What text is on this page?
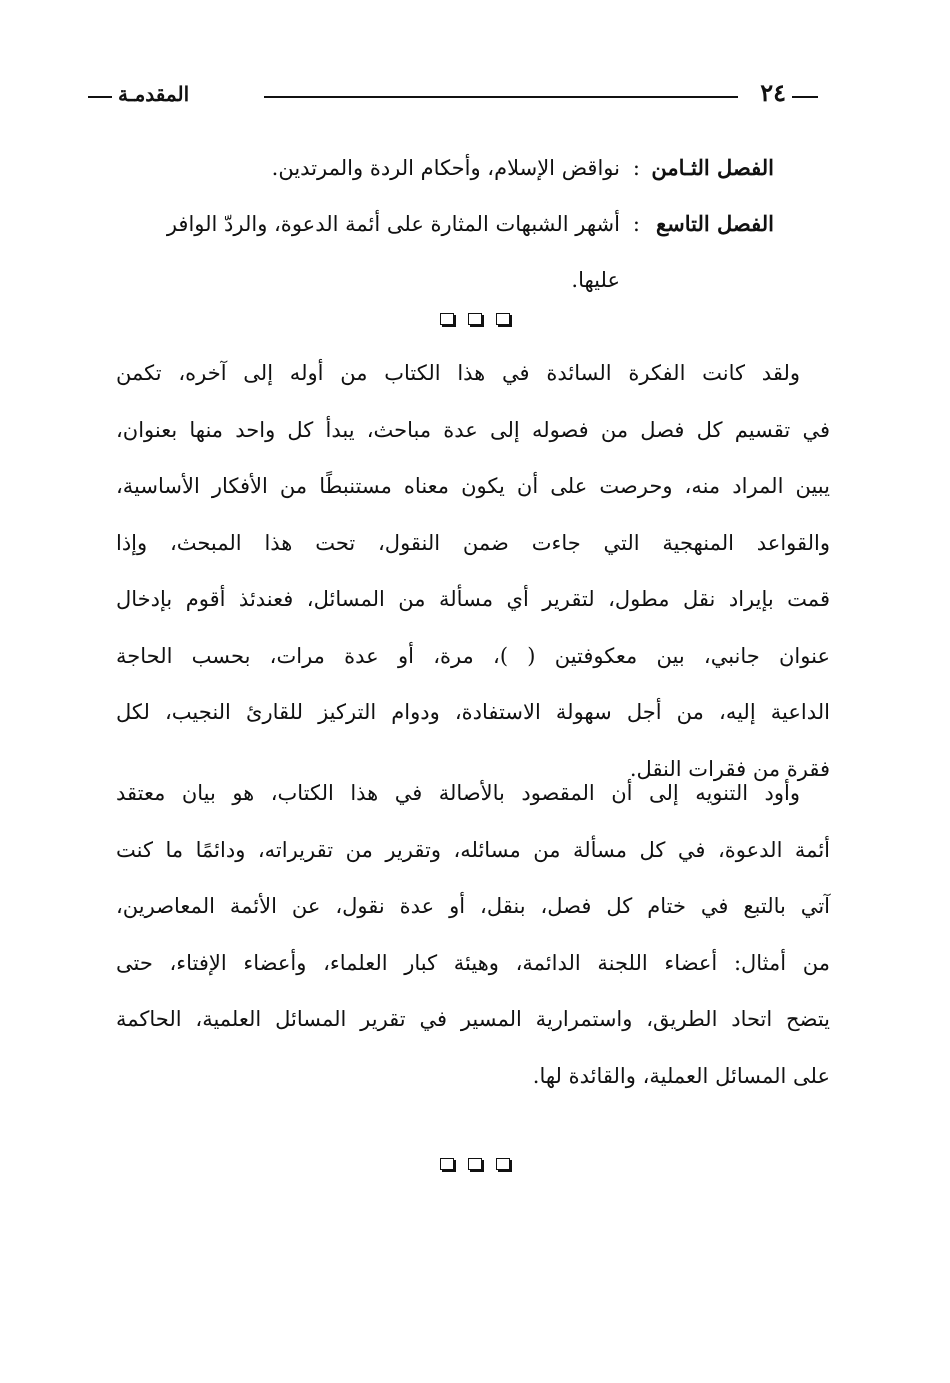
٢٤
المقدمـة
الفصل الثـامن
:
نواقض الإسلام، وأحكام الردة والمرتدين.
الفصل التاسع
:
أشهر الشبهات المثارة على أئمة الدعوة، والردّ الوافر
عليها.
ولقد كانت الفكرة السائدة في هذا الكتاب من أوله إلى آخره، تكمن
في تقسيم كل فصل من فصوله إلى عدة مباحث، يبدأ كل واحد منها بعنوان،
يبين المراد منه، وحرصت على أن يكون معناه مستنبطًا من الأفكار الأساسية،
والقواعد المنهجية التي جاءت ضمن النقول، تحت هذا المبحث، وإذا
قمت بإيراد نقل مطول، لتقرير أي مسألة من المسائل، فعندئذ أقوم بإدخال
عنوان جانبي، بين معكوفتين ( )، مرة، أو عدة مرات، بحسب الحاجة
الداعية إليه، من أجل سهولة الاستفادة، ودوام التركيز للقارئ النجيب، لكل
فقرة من فقرات النقل.
وأود التنويه إلى أن المقصود بالأصالة في هذا الكتاب، هو بيان معتقد
أئمة الدعوة، في كل مسألة من مسائله، وتقرير من تقريراته، ودائمًا ما كنت
آتي بالتبع في ختام كل فصل، بنقل، أو عدة نقول، عن الأئمة المعاصرين،
من أمثال: أعضاء اللجنة الدائمة، وهيئة كبار العلماء، وأعضاء الإفتاء، حتى
يتضح اتحاد الطريق، واستمرارية المسير في تقرير المسائل العلمية، الحاكمة
على المسائل العملية، والقائدة لها.
